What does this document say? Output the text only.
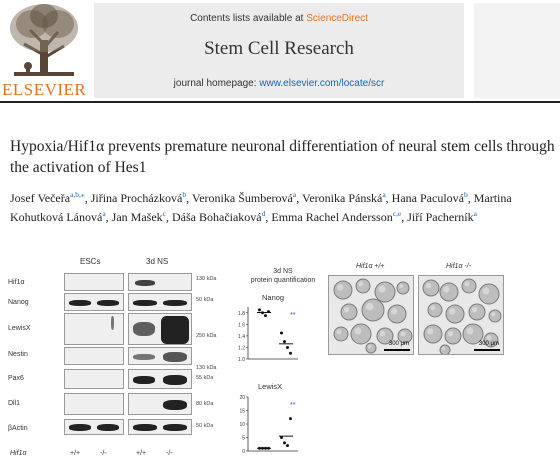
ELSEVIER
Contents lists available at ScienceDirect
Stem Cell Research
journal homepage: www.elsevier.com/locate/scr
Hypoxia/Hif1α prevents premature neuronal differentiation of neural stem cells through the activation of Hes1
Josef Večeřa$^{a,b,⁎}$, Jiřina Procházková$^b$, Veronika Šumberová$^a$, Veronika Pánská$^a$, Hana Paculová$^b$, Martina Kohutková Lánová$^a$, Jan Mašek$^c$, Dáša Bohačiaková$^d$, Emma Rachel Andersson$^{c,e}$, Jiří Pacherník$^a$
ESCs	3d NS
Hif1α
Nanog
LewisX
Nestin
Pax6
Dll1
βActin
130 kDa
50 kDa
250 kDa
130 kDa
55 kDa
80 kDa
50 kDa
Hif1α	+/+	-/-	+/+	-/-
3d NS
protein quantification
Nanog
1.8
1.6
1.4
1.2
1.0
**
LewisX
20
15
10
5
0
**
Hif1α +/+	Hif1α -/-
300 μm	300 μm
